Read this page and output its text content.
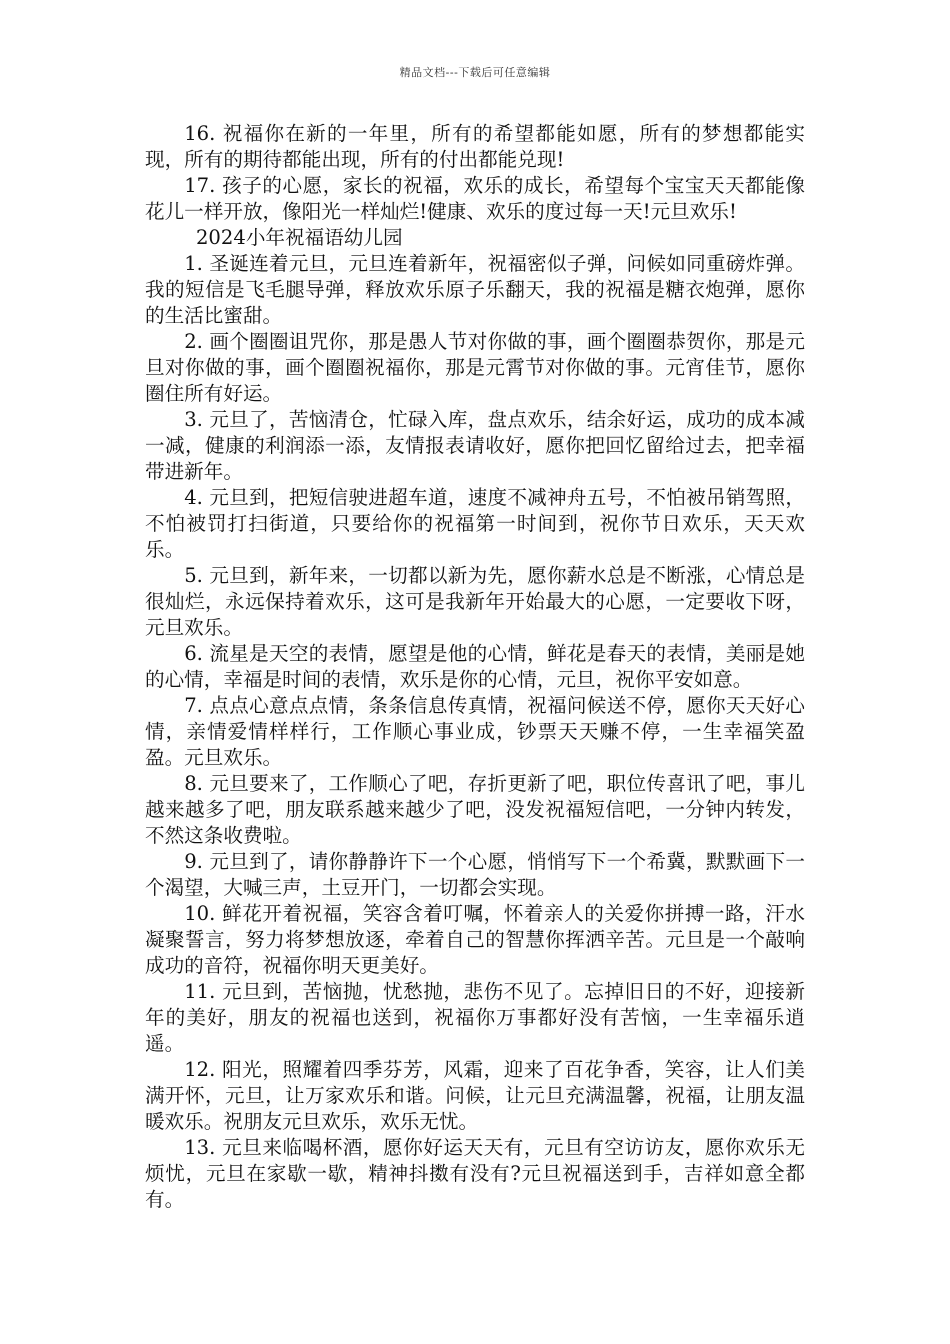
精品文档---下载后可任意编辑

16. 祝福你在新的一年里，所有的希望都能如愿，所有的梦想都能实现，所有的期待都能出现，所有的付出都能兑现!

17. 孩子的心愿，家长的祝福，欢乐的成长，希望每个宝宝天天都能像花儿一样开放，像阳光一样灿烂!健康、欢乐的度过每一天!元旦欢乐!

2024小年祝福语幼儿园

1. 圣诞连着元旦，元旦连着新年，祝福密似子弹，问候如同重磅炸弹。我的短信是飞毛腿导弹，释放欢乐原子乐翻天，我的祝福是糖衣炮弹，愿你的生活比蜜甜。

2. 画个圈圈诅咒你，那是愚人节对你做的事，画个圈圈恭贺你，那是元旦对你做的事，画个圈圈祝福你，那是元霄节对你做的事。元宵佳节，愿你圈住所有好运。

3. 元旦了，苦恼清仓，忙碌入库，盘点欢乐，结余好运，成功的成本减一减，健康的利润添一添，友情报表请收好，愿你把回忆留给过去，把幸福带进新年。

4. 元旦到，把短信驶进超车道，速度不减神舟五号，不怕被吊销驾照，不怕被罚打扫街道，只要给你的祝福第一时间到，祝你节日欢乐，天天欢乐。

5. 元旦到，新年来，一切都以新为先，愿你薪水总是不断涨，心情总是很灿烂，永远保持着欢乐，这可是我新年开始最大的心愿，一定要收下呀，元旦欢乐。

6. 流星是天空的表情，愿望是他的心情，鲜花是春天的表情，美丽是她的心情，幸福是时间的表情，欢乐是你的心情，元旦，祝你平安如意。

7. 点点心意点点情，条条信息传真情，祝福问候送不停，愿你天天好心情，亲情爱情样样行，工作顺心事业成，钞票天天赚不停，一生幸福笑盈盈。元旦欢乐。

8. 元旦要来了，工作顺心了吧，存折更新了吧，职位传喜讯了吧，事儿越来越多了吧，朋友联系越来越少了吧，没发祝福短信吧，一分钟内转发，不然这条收费啦。

9. 元旦到了，请你静静许下一个心愿，悄悄写下一个希冀，默默画下一个渴望，大喊三声，土豆开门，一切都会实现。

10. 鲜花开着祝福，笑容含着叮嘱，怀着亲人的关爱你拼搏一路，汗水凝聚誓言，努力将梦想放逐，牵着自己的智慧你挥洒辛苦。元旦是一个敲响成功的音符，祝福你明天更美好。

11. 元旦到，苦恼抛，忧愁抛，悲伤不见了。忘掉旧日的不好，迎接新年的美好，朋友的祝福也送到，祝福你万事都好没有苦恼，一生幸福乐逍遥。

12. 阳光，照耀着四季芬芳，风霜，迎来了百花争香，笑容，让人们美满开怀，元旦，让万家欢乐和谐。问候，让元旦充满温馨，祝福，让朋友温暖欢乐。祝朋友元旦欢乐，欢乐无忧。

13. 元旦来临喝杯酒，愿你好运天天有，元旦有空访访友，愿你欢乐无烦忧，元旦在家歇一歇，精神抖擞有没有?元旦祝福送到手，吉祥如意全都有。
